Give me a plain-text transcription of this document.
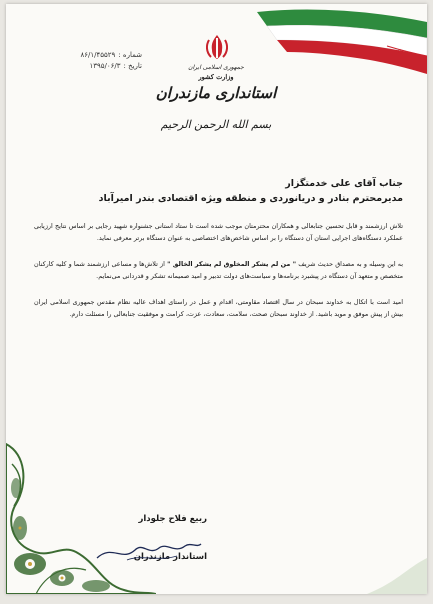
☫
جمهوری اسلامی ایران
وزارت کشور
استانداری مازندران
بسم الله الرحمن الرحیم
شماره :
۸۶/۱/۴۵۵۲۹
تاریخ :
۱۳۹۵/۰۶/۳
جناب آقای علی خدمتگزار
مدیرمحترم بنادر و دریانوردی و منطقه ویژه اقتصادی بندر امیرآباد
تلاش ارزشمند و قابل تحسین جنابعالی و همکاران محترمتان موجب شده است تا ستاد استانی جشنواره شهید رجایی بر اساس نتایج ارزیابی عملکرد دستگاه‌های اجرایی استان آن دستگاه را بر اساس شاخص‌های اختصاصی به عنوان دستگاه برتر معرفی نماید.
به این وسیله و به مصداق حدیث شریف " من لم یشکر المخلوق لم یشکر الخالق " از تلاش‌ها و مساعی ارزشمند شما و کلیه کارکنان متخصص و متعهد آن دستگاه در پیشبرد برنامه‌ها و سیاست‌های دولت تدبیر و امید صمیمانه تشکر و قدردانی می‌نمایم.
امید است با اتکال به خداوند سبحان در سال اقتصاد مقاومتی، اقدام و عمل در راستای اهداف عالیه نظام مقدس جمهوری اسلامی ایران بیش از پیش موفق و موید باشید. از خداوند سبحان صحت، سلامت، سعادت، عزت، کرامت و موفقیت جنابعالی را مسئلت دارم.
ربیع فلاح جلودار
استاندار مازندران
